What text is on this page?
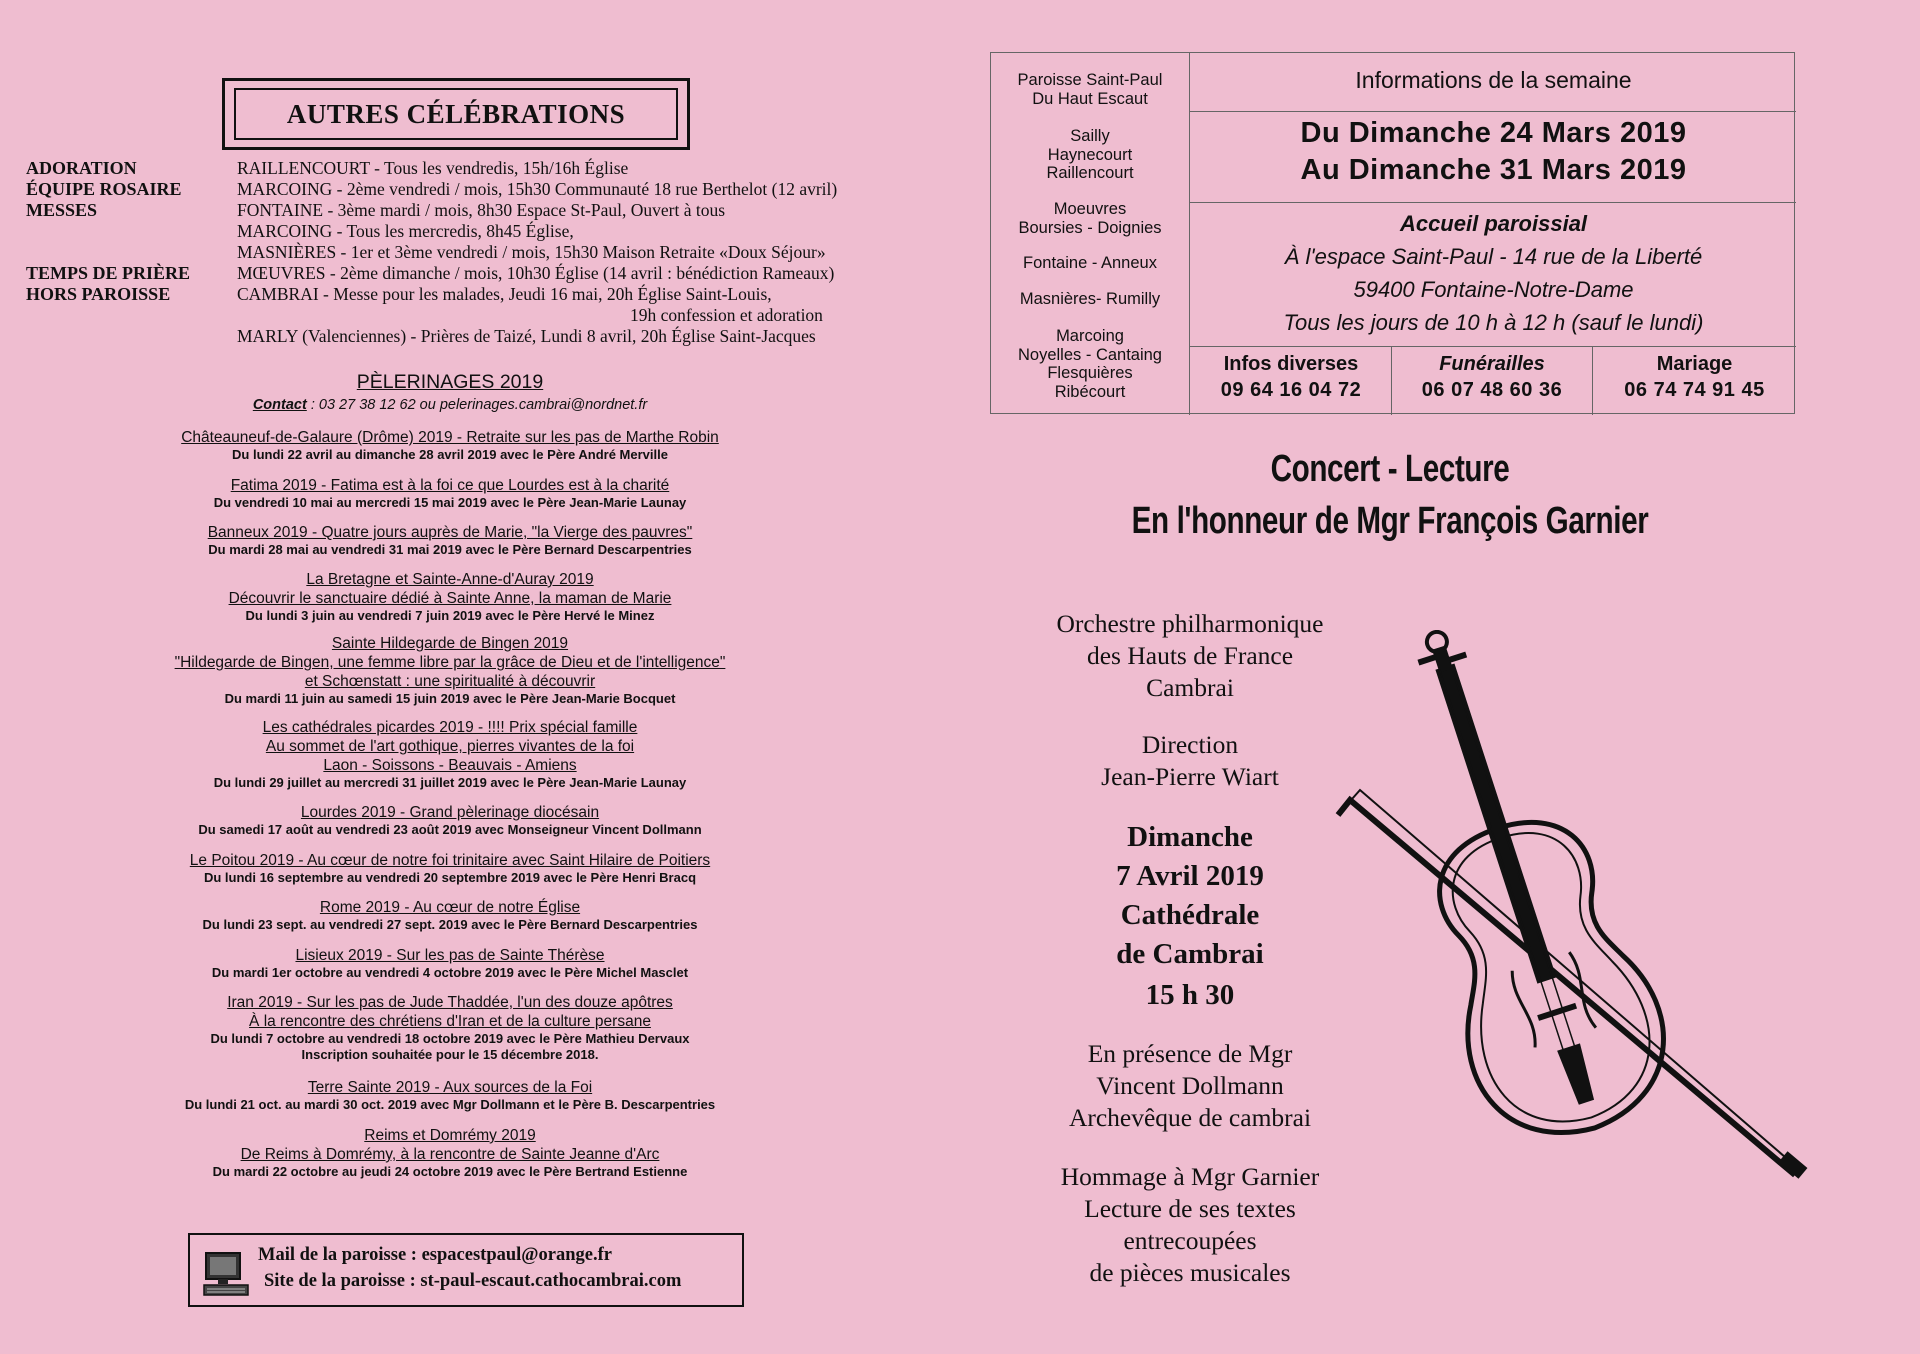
AUTRES CÉLÉBRATIONS
ADORATION
ÉQUIPE ROSAIRE
MESSES
TEMPS DE PRIÈRE
HORS PAROISSE
RAILLENCOURT - Tous les vendredis, 15h/16h Église
MARCOING - 2ème vendredi / mois, 15h30 Communauté 18 rue Berthelot (12 avril)
FONTAINE - 3ème mardi / mois, 8h30 Espace St-Paul, Ouvert à tous
MARCOING - Tous les mercredis, 8h45 Église,
MASNIÈRES - 1er et 3ème vendredi / mois, 15h30 Maison Retraite «Doux Séjour»
MŒUVRES - 2ème dimanche / mois, 10h30 Église (14 avril : bénédiction Rameaux)
CAMBRAI - Messe pour les malades, Jeudi 16 mai, 20h Église Saint-Louis,
19h confession et adoration
MARLY (Valenciennes) - Prières de Taizé, Lundi 8 avril, 20h Église Saint-Jacques
PÈLERINAGES 2019
Contact : 03 27 38 12 62 ou pelerinages.cambrai@nordnet.fr
Châteauneuf-de-Galaure (Drôme) 2019 - Retraite sur les pas de Marthe Robin
Du lundi 22 avril au dimanche 28 avril 2019 avec le Père André Merville
Fatima 2019 - Fatima est à la foi ce que Lourdes est à la charité
Du vendredi 10 mai au mercredi 15 mai 2019 avec le Père Jean-Marie Launay
Banneux 2019 - Quatre jours auprès de Marie, "la Vierge des pauvres"
Du mardi 28 mai au vendredi 31 mai 2019 avec le Père Bernard Descarpentries
La Bretagne et Sainte-Anne-d'Auray 2019
Découvrir le sanctuaire dédié à Sainte Anne, la maman de Marie
Du lundi 3 juin au vendredi 7 juin 2019 avec le Père Hervé le Minez
Sainte Hildegarde de Bingen 2019
"Hildegarde de Bingen, une femme libre par la grâce de Dieu et de l'intelligence"
et Schœnstatt : une spiritualité à découvrir
Du mardi 11 juin au samedi 15 juin 2019 avec le Père Jean-Marie Bocquet
Les cathédrales picardes 2019 - !!!! Prix spécial famille
Au sommet de l'art gothique, pierres vivantes de la foi
Laon - Soissons - Beauvais - Amiens
Du lundi 29 juillet au mercredi 31 juillet 2019 avec le Père Jean-Marie Launay
Lourdes 2019 - Grand pèlerinage diocésain
Du samedi 17 août au vendredi 23 août 2019 avec Monseigneur Vincent Dollmann
Le Poitou 2019 - Au cœur de notre foi trinitaire avec Saint Hilaire de Poitiers
Du lundi 16 septembre au vendredi 20 septembre 2019 avec le Père Henri Bracq
Rome 2019 - Au cœur de notre Église
Du lundi 23 sept. au vendredi 27 sept. 2019 avec le Père Bernard Descarpentries
Lisieux 2019 - Sur les pas de Sainte Thérèse
Du mardi 1er octobre au vendredi 4 octobre 2019 avec le Père Michel Masclet
Iran 2019 - Sur les pas de Jude Thaddée, l'un des douze apôtres
À la rencontre des chrétiens d'Iran et de la culture persane
Du lundi 7 octobre au vendredi 18 octobre 2019 avec le Père Mathieu Dervaux
Inscription souhaitée pour le 15 décembre 2018.
Terre Sainte 2019 - Aux sources de la Foi
Du lundi 21 oct. au mardi 30 oct. 2019 avec Mgr Dollmann et le Père B. Descarpentries
Reims et Domrémy 2019
De Reims à Domrémy, à la rencontre de Sainte Jeanne d'Arc
Du mardi 22 octobre au jeudi 24 octobre 2019 avec le Père Bertrand Estienne
Mail de la paroisse : espacestpaul@orange.fr
Site de la paroisse : st-paul-escaut.cathocambrai.com
Paroisse Saint-Paul
Du Haut Escaut
Sailly
Haynecourt
Raillencourt
Moeuvres
Boursies - Doignies
Fontaine - Anneux
Masnières- Rumilly
Marcoing
Noyelles - Cantaing
Flesquières
Ribécourt
Informations de la semaine
Du Dimanche 24 Mars 2019
Au Dimanche 31 Mars 2019
Accueil paroissial
À l'espace Saint-Paul - 14 rue de la Liberté
59400 Fontaine-Notre-Dame
Tous les jours de 10 h à 12 h (sauf le lundi)
Infos diverses
09 64 16 04 72
Funérailles
06 07 48 60 36
Mariage
06 74 74 91 45
Concert - Lecture
En l'honneur de Mgr François Garnier
Orchestre philharmonique
des Hauts de France
Cambrai
Direction
Jean-Pierre Wiart
Dimanche
7 Avril 2019
Cathédrale
de Cambrai
15 h 30
En présence de Mgr
Vincent Dollmann
Archevêque de cambrai
Hommage à Mgr Garnier
Lecture de ses textes
entrecoupées
de pièces musicales
